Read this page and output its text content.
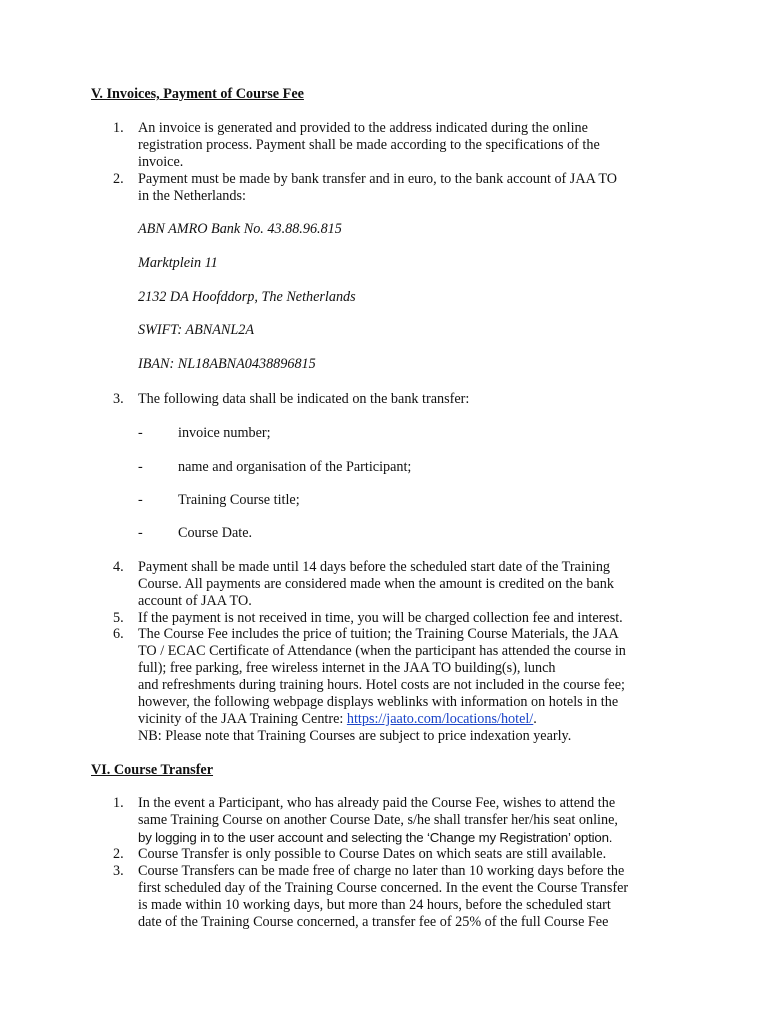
V. Invoices, Payment of Course Fee
1. An invoice is generated and provided to the address indicated during the online
registration process. Payment shall be made according to the specifications of the
invoice.
2. Payment must be made by bank transfer and in euro, to the bank account of JAA TO
in the Netherlands:
ABN AMRO Bank No. 43.88.96.815
Marktplein 11
2132 DA Hoofddorp, The Netherlands
SWIFT: ABNANL2A
IBAN: NL18ABNA0438896815
3. The following data shall be indicated on the bank transfer:
- invoice number;
- name and organisation of the Participant;
- Training Course title;
- Course Date.
4. Payment shall be made until 14 days before the scheduled start date of the Training
Course. All payments are considered made when the amount is credited on the bank
account of JAA TO.
5. If the payment is not received in time, you will be charged collection fee and interest.
6. The Course Fee includes the price of tuition; the Training Course Materials, the JAA
TO / ECAC Certificate of Attendance (when the participant has attended the course in
full); free parking, free wireless internet in the JAA TO building(s), lunch
and refreshments during training hours. Hotel costs are not included in the course fee;
however, the following webpage displays weblinks with information on hotels in the
vicinity of the JAA Training Centre: https://jaato.com/locations/hotel/.
NB: Please note that Training Courses are subject to price indexation yearly.
VI. Course Transfer
1. In the event a Participant, who has already paid the Course Fee, wishes to attend the
same Training Course on another Course Date, s/he shall transfer her/his seat online,
by logging in to the user account and selecting the ‘Change my Registration’ option.
2. Course Transfer is only possible to Course Dates on which seats are still available.
3. Course Transfers can be made free of charge no later than 10 working days before the
first scheduled day of the Training Course concerned. In the event the Course Transfer
is made within 10 working days, but more than 24 hours, before the scheduled start
date of the Training Course concerned, a transfer fee of 25% of the full Course Fee
